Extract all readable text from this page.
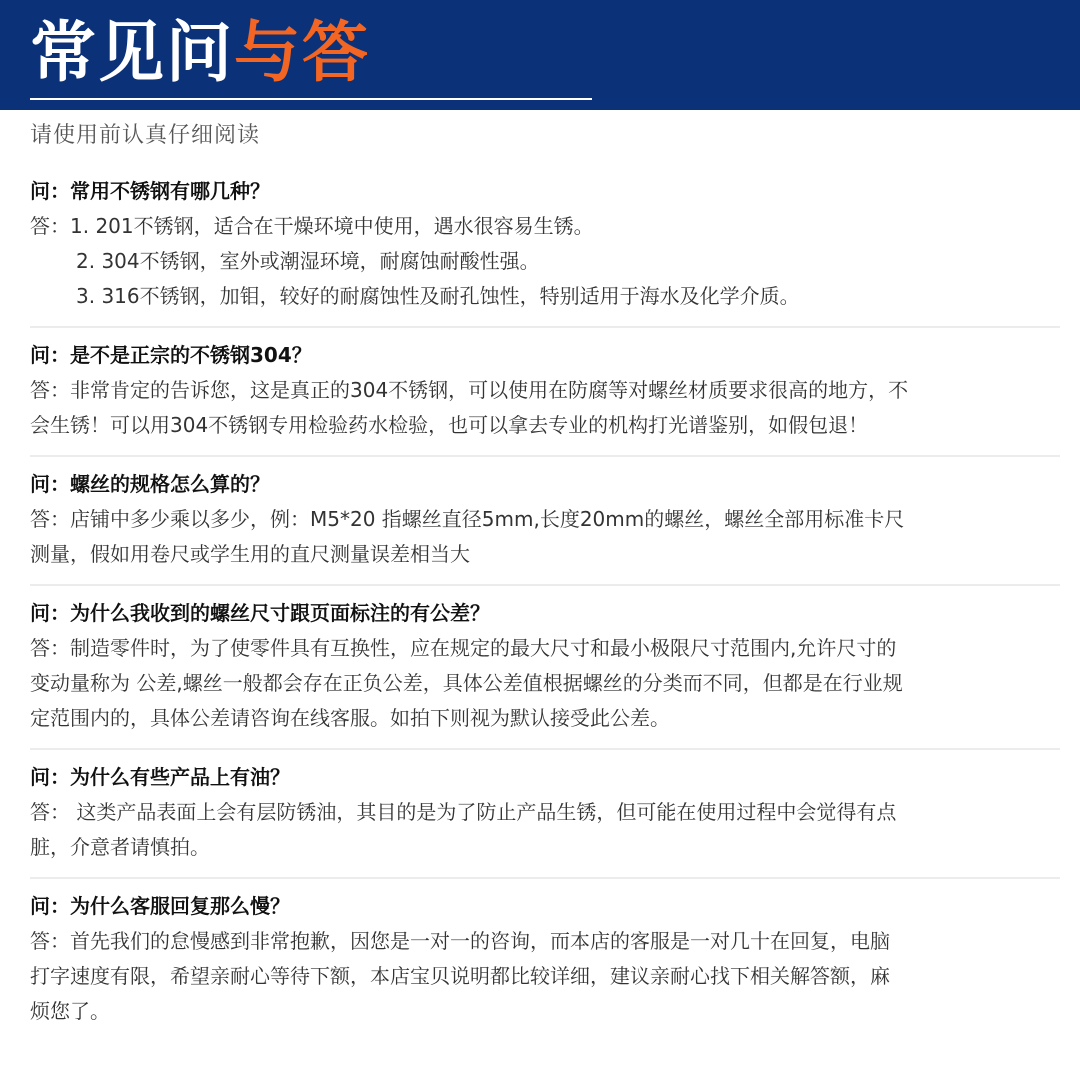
常见问与答
请使用前认真仔细阅读
问：常用不锈钢有哪几种？
答：1. 201不锈钢，适合在干燥环境中使用，遇水很容易生锈。
2. 304不锈钢，室外或潮湿环境，耐腐蚀耐酸性强。
3. 316不锈钢，加钼，较好的耐腐蚀性及耐孔蚀性，特别适用于海水及化学介质。
问：是不是正宗的不锈钢304？
答：非常肯定的告诉您，这是真正的304不锈钢，可以使用在防腐等对螺丝材质要求很高的地方，不
会生锈！可以用304不锈钢专用检验药水检验，也可以拿去专业的机构打光谱鉴别，如假包退！
问：螺丝的规格怎么算的？
答：店铺中多少乘以多少，例：M5*20 指螺丝直径5mm,长度20mm的螺丝，螺丝全部用标准卡尺
测量，假如用卷尺或学生用的直尺测量误差相当大
问：为什么我收到的螺丝尺寸跟页面标注的有公差？
答：制造零件时，为了使零件具有互换性，应在规定的最大尺寸和最小极限尺寸范围内,允许尺寸的
变动量称为 公差,螺丝一般都会存在正负公差，具体公差值根据螺丝的分类而不同，但都是在行业规
定范围内的，具体公差请咨询在线客服。如拍下则视为默认接受此公差。
问：为什么有些产品上有油？
答： 这类产品表面上会有层防锈油，其目的是为了防止产品生锈，但可能在使用过程中会觉得有点
脏，介意者请慎拍。
问：为什么客服回复那么慢？
答：首先我们的怠慢感到非常抱歉，因您是一对一的咨询，而本店的客服是一对几十在回复，电脑
打字速度有限，希望亲耐心等待下额，本店宝贝说明都比较详细，建议亲耐心找下相关解答额，麻
烦您了。
